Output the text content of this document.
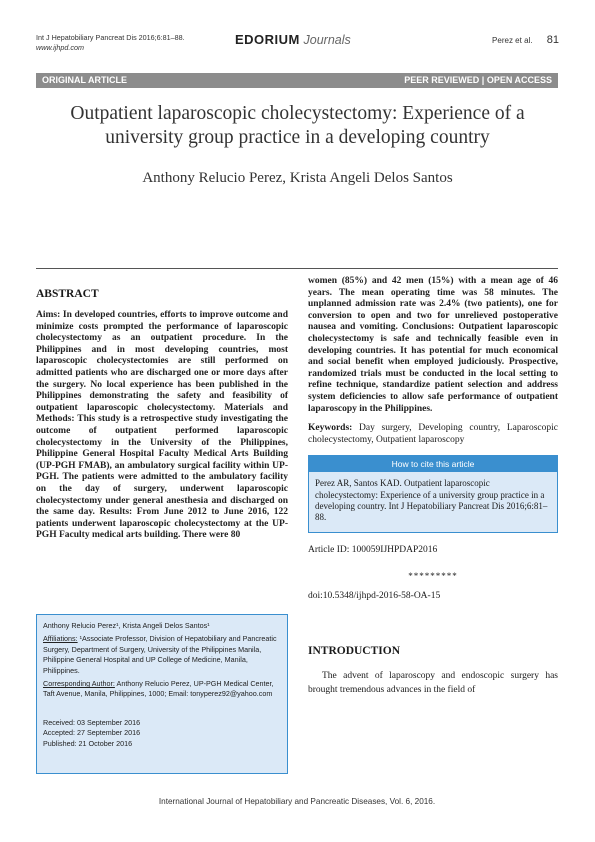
Int J Hepatobiliary Pancreat Dis 2016;6:81–88.
www.ijhpd.com
EDORIUM Journals	Perez et al. 81
ORIGINAL ARTICLE	PEER REVIEWED | OPEN ACCESS
Outpatient laparoscopic cholecystectomy: Experience of a university group practice in a developing country
Anthony Relucio Perez, Krista Angeli Delos Santos
ABSTRACT

Aims: In developed countries, efforts to improve outcome and minimize costs prompted the performance of laparoscopic cholecystectomy as an outpatient procedure. In the Philippines and in most developing countries, most laparoscopic cholecystectomies are still performed on admitted patients who are discharged one or more days after the surgery. No local experience has been published in the Philippines demonstrating the safety and feasibility of outpatient laparoscopic cholecystectomy. Materials and Methods: This study is a retrospective study investigating the outcome of outpatient performed laparoscopic cholecystectomy in the University of the Philippines, Philippine General Hospital Faculty Medical Arts Building (UP-PGH FMAB), an ambulatory surgical facility within UP-PGH. The patients were admitted to the ambulatory facility on the day of surgery, underwent laparoscopic cholecystectomy under general anesthesia and discharged on the same day. Results: From June 2012 to June 2016, 122 patients underwent laparoscopic cholecystectomy at the UP-PGH Faculty medical arts building. There were 80

Anthony Relucio Perez¹, Krista Angeli Delos Santos¹

Affiliations: ¹Associate Professor, Division of Hepatobiliary and Pancreatic Surgery, Department of Surgery, University of the Philippines Manila, Philippine General Hospital and UP College of Medicine, Manila, Philippines.

Corresponding Author: Anthony Relucio Perez, UP-PGH Medical Center, Taft Avenue, Manila, Philippines, 1000; Email: tonyperez92@yahoo.com

Received: 03 September 2016
Accepted: 27 September 2016
Published: 21 October 2016

women (85%) and 42 men (15%) with a mean age of 46 years. The mean operating time was 58 minutes. The unplanned admission rate was 2.4% (two patients), one for conversion to open and two for unrelieved postoperative nausea and vomiting. Conclusions: Outpatient laparoscopic cholecystectomy is safe and technically feasible even in developing countries. It has potential for much economical and social benefit when employed judiciously. Prospective, randomized trials must be conducted in the local setting to refine technique, standardize patient selection and address system deficiencies to allow safe performance of outpatient laparoscopy in the Philippines.

Keywords: Day surgery, Developing country, Laparoscopic cholecystectomy, Outpatient laparoscopy

How to cite this article
Perez AR, Santos KAD. Outpatient laparoscopic cholecystectomy: Experience of a university group practice in a developing country. Int J Hepatobiliary Pancreat Dis 2016;6:81–88.
Article ID: 100059IJHPDAP2016
*********
doi:10.5348/ijhpd-2016-58-OA-15
INTRODUCTION

The advent of laparoscopy and endoscopic surgery has brought tremendous advances in the field of

International Journal of Hepatobiliary and Pancreatic Diseases, Vol. 6, 2016.
